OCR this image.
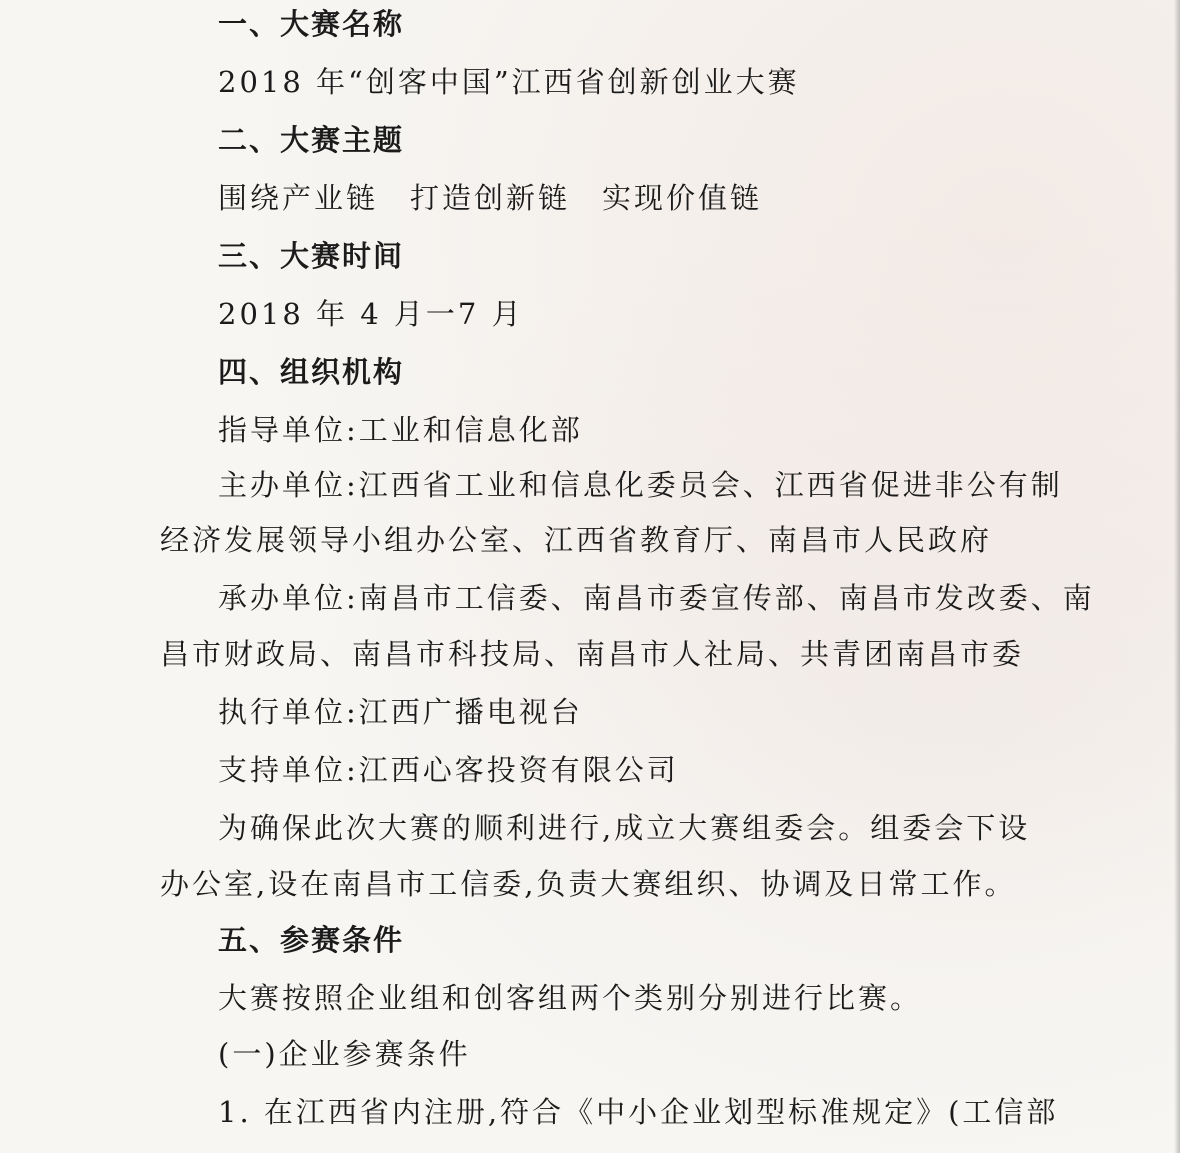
一、大赛名称
2018 年“创客中国”江西省创新创业大赛
二、大赛主题
围绕产业链　打造创新链　实现价值链
三、大赛时间
2018 年 4 月一7 月
四、组织机构
指导单位:工业和信息化部
主办单位:江西省工业和信息化委员会、江西省促进非公有制
经济发展领导小组办公室、江西省教育厅、南昌市人民政府
承办单位:南昌市工信委、南昌市委宣传部、南昌市发改委、南
昌市财政局、南昌市科技局、南昌市人社局、共青团南昌市委
执行单位:江西广播电视台
支持单位:江西心客投资有限公司
为确保此次大赛的顺利进行,成立大赛组委会。组委会下设
办公室,设在南昌市工信委,负责大赛组织、协调及日常工作。
五、参赛条件
大赛按照企业组和创客组两个类别分别进行比赛。
(一)企业参赛条件
1. 在江西省内注册,符合《中小企业划型标准规定》(工信部
